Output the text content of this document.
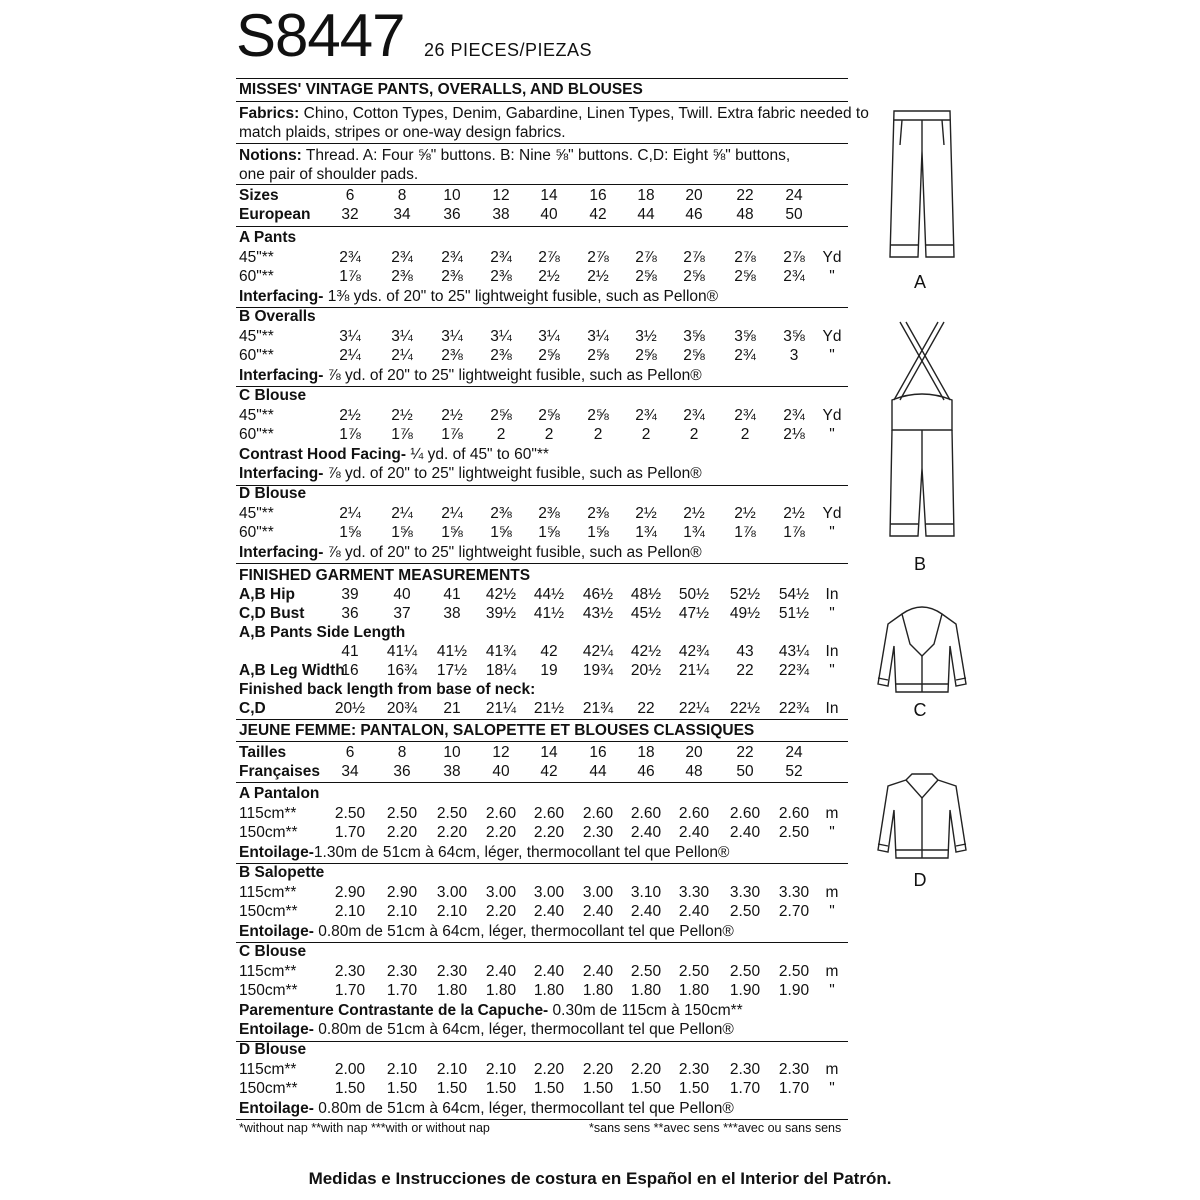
S8447 26 PIECES/PIEZAS
MISSES' VINTAGE PANTS, OVERALLS, AND BLOUSES
Fabrics: Chino, Cotton Types, Denim, Gabardine, Linen Types, Twill. Extra fabric needed to
match plaids, stripes or one-way design fabrics.
Notions: Thread. A: Four ⅝" buttons. B: Nine ⅝" buttons. C,D: Eight ⅝" buttons,
one pair of shoulder pads.
Sizes	6	8 10 12 14 16 18 20 22 24
European 32 34 36 38 40 42 44 46 48 50
A Pants
45"**	2¾ 2¾ 2¾ 2¾ 2⅞ 2⅞ 2⅞ 2⅞ 2⅞ 2⅞ Yd
60"**	1⅞ 2⅜ 2⅜ 2⅜ 2½ 2½ 2⅝ 2⅝ 2⅝ 2¾ "
Interfacing- 1⅜ yds. of 20" to 25" lightweight fusible, such as Pellon®
B Overalls
45"**	3¼ 3¼ 3¼ 3¼ 3¼ 3¼ 3½ 3⅝ 3⅝ 3⅝ Yd
60"**	2¼ 2¼ 2⅜ 2⅜ 2⅝ 2⅝ 2⅝ 2⅝ 2¾ 3 "
Interfacing- ⅞ yd. of 20" to 25" lightweight fusible, such as Pellon®
C Blouse
45"**	2½ 2½ 2½ 2⅝ 2⅝ 2⅝ 2¾ 2¾ 2¾ 2¾ Yd
60"**	1⅞ 1⅞ 1⅞ 2	2	2	2	2	2 2⅛ "
Contrast Hood Facing- ¼ yd. of 45" to 60"**
Interfacing- ⅞ yd. of 20" to 25" lightweight fusible, such as Pellon®
D Blouse
45"**	2¼ 2¼ 2¼ 2⅜ 2⅜ 2⅜ 2½ 2½ 2½ 2½ Yd
60"**	1⅝ 1⅝ 1⅝ 1⅝ 1⅝ 1⅝ 1¾ 1¾ 1⅞ 1⅞ "
Interfacing- ⅞ yd. of 20" to 25" lightweight fusible, such as Pellon®
FINISHED GARMENT MEASUREMENTS
A,B Hip	39 40 41 42½ 44½ 46½ 48½ 50½ 52½ 54½ In
C,D Bust 36 37 38 39½ 41½ 43½ 45½ 47½ 49½ 51½ "
A,B Pants Side Length
41 41¼ 41½ 41¾ 42 42¼ 42½ 42¾ 43 43¼ In
A,B Leg Width
16 16¾ 17½ 18¼ 19 19¾ 20½ 21¼ 22 22¾ "
Finished back length from base of neck:
C,D	20½ 20¾ 21 21¼ 21½ 21¾ 22 22¼ 22½ 22¾ In
JEUNE FEMME: PANTALON, SALOPETTE ET BLOUSES CLASSIQUES
Tailles	6	8 10 12 14 16 18 20 22 24
Françaises 34 36 38 40 42 44 46 48 50 52
A Pantalon
115cm** 2.50 2.50 2.50 2.60 2.60 2.60 2.60 2.60 2.60 2.60 m
150cm** 1.70 2.20 2.20 2.20 2.20 2.30 2.40 2.40 2.40 2.50 "
Entoilage-1.30m de 51cm à 64cm, léger, thermocollant tel que Pellon®
B Salopette
115cm** 2.90 2.90 3.00 3.00 3.00 3.00 3.10 3.30 3.30 3.30 m
150cm** 2.10 2.10 2.10 2.20 2.40 2.40 2.40 2.40 2.50 2.70 "
Entoilage- 0.80m de 51cm à 64cm, léger, thermocollant tel que Pellon®
C Blouse
115cm** 2.30 2.30 2.30 2.40 2.40 2.40 2.50 2.50 2.50 2.50 m
150cm** 1.70 1.70 1.80 1.80 1.80 1.80 1.80 1.80 1.90 1.90 "
Parementure Contrastante de la Capuche- 0.30m de 115cm à 150cm**
Entoilage- 0.80m de 51cm à 64cm, léger, thermocollant tel que Pellon®
D Blouse
115cm** 2.00 2.10 2.10 2.10 2.20 2.20 2.20 2.30 2.30 2.30 m
150cm** 1.50 1.50 1.50 1.50 1.50 1.50 1.50 1.50 1.70 1.70 "
Entoilage- 0.80m de 51cm à 64cm, léger, thermocollant tel que Pellon®
*without nap **with nap ***with or without nap	*sans sens **avec sens ***avec ou sans sens
Medidas e Instrucciones de costura en Español en el Interior del Patrón.
A
B
C
D
